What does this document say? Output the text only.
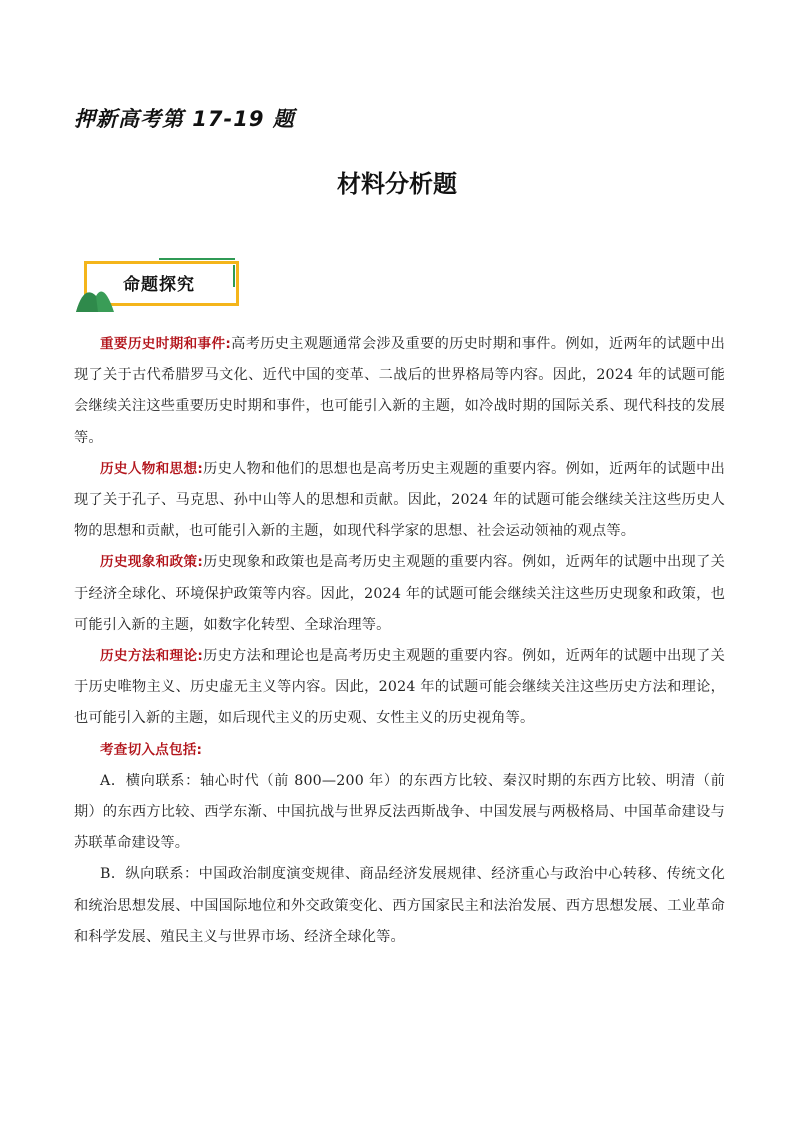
押新高考第 17-19 题
材料分析题
命题探究

重要历史时期和事件:高考历史主观题通常会涉及重要的历史时期和事件。例如，近两年的试题中出现了关于古代希腊罗马文化、近代中国的变革、二战后的世界格局等内容。因此，2024 年的试题可能会继续关注这些重要历史时期和事件，也可能引入新的主题，如冷战时期的国际关系、现代科技的发展等。

历史人物和思想:历史人物和他们的思想也是高考历史主观题的重要内容。例如，近两年的试题中出现了关于孔子、马克思、孙中山等人的思想和贡献。因此，2024 年的试题可能会继续关注这些历史人物的思想和贡献，也可能引入新的主题，如现代科学家的思想、社会运动领袖的观点等。

历史现象和政策:历史现象和政策也是高考历史主观题的重要内容。例如，近两年的试题中出现了关于经济全球化、环境保护政策等内容。因此，2024 年的试题可能会继续关注这些历史现象和政策，也可能引入新的主题，如数字化转型、全球治理等。

历史方法和理论:历史方法和理论也是高考历史主观题的重要内容。例如，近两年的试题中出现了关于历史唯物主义、历史虚无主义等内容。因此，2024 年的试题可能会继续关注这些历史方法和理论，也可能引入新的主题，如后现代主义的历史观、女性主义的历史视角等。

考查切入点包括:

A．横向联系：轴心时代（前 800—200 年）的东西方比较、秦汉时期的东西方比较、明清（前期）的东西方比较、西学东渐、中国抗战与世界反法西斯战争、中国发展与两极格局、中国革命建设与苏联革命建设等。

B．纵向联系：中国政治制度演变规律、商品经济发展规律、经济重心与政治中心转移、传统文化和统治思想发展、中国国际地位和外交政策变化、西方国家民主和法治发展、西方思想发展、工业革命和科学发展、殖民主义与世界市场、经济全球化等。
